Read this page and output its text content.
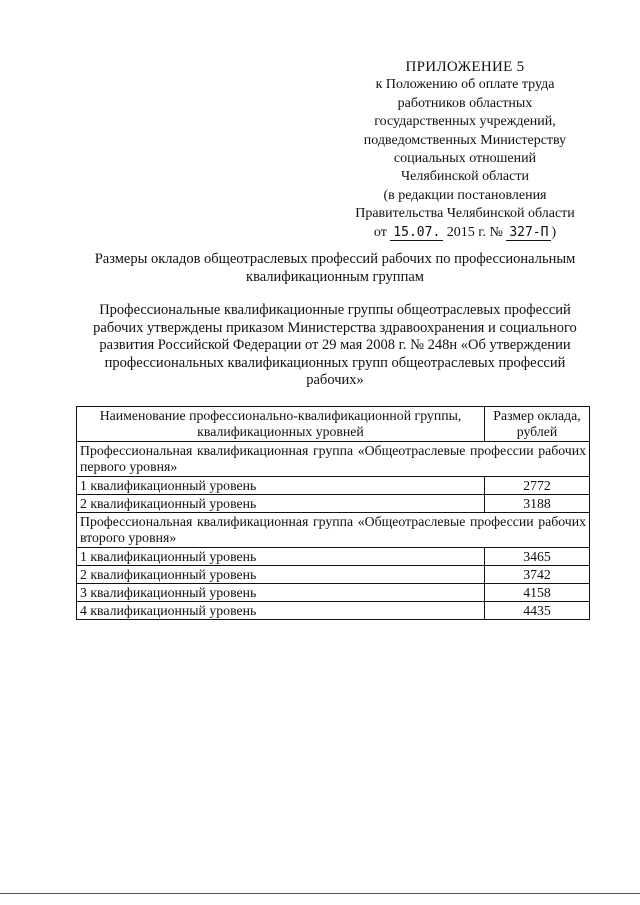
ПРИЛОЖЕНИЕ 5
к Положению об оплате труда
работников областных
государственных учреждений,
подведомственных Министерству
социальных отношений
Челябинской области
(в редакции постановления
Правительства Челябинской области
от 15.07. 2015 г. № 327-П )
Размеры окладов общеотраслевых профессий рабочих по профессиональным
квалификационным группам
Профессиональные квалификационные группы общеотраслевых профессий
рабочих утверждены приказом Министерства здравоохранения и социального
развития Российской Федерации от 29 мая 2008 г. № 248н «Об утверждении
профессиональных квалификационных групп общеотраслевых профессий
рабочих»
Наименование профессионально-квалификационной группы, квалификационных уровней	Размер оклада, рублей
Профессиональная квалификационная группа «Общеотраслевые профессии рабочих первого уровня»	
1 квалификационный уровень	2772
2 квалификационный уровень	3188
Профессиональная квалификационная группа «Общеотраслевые профессии рабочих второго уровня»	
1 квалификационный уровень	3465
2 квалификационный уровень	3742
3 квалификационный уровень	4158
4 квалификационный уровень	4435
